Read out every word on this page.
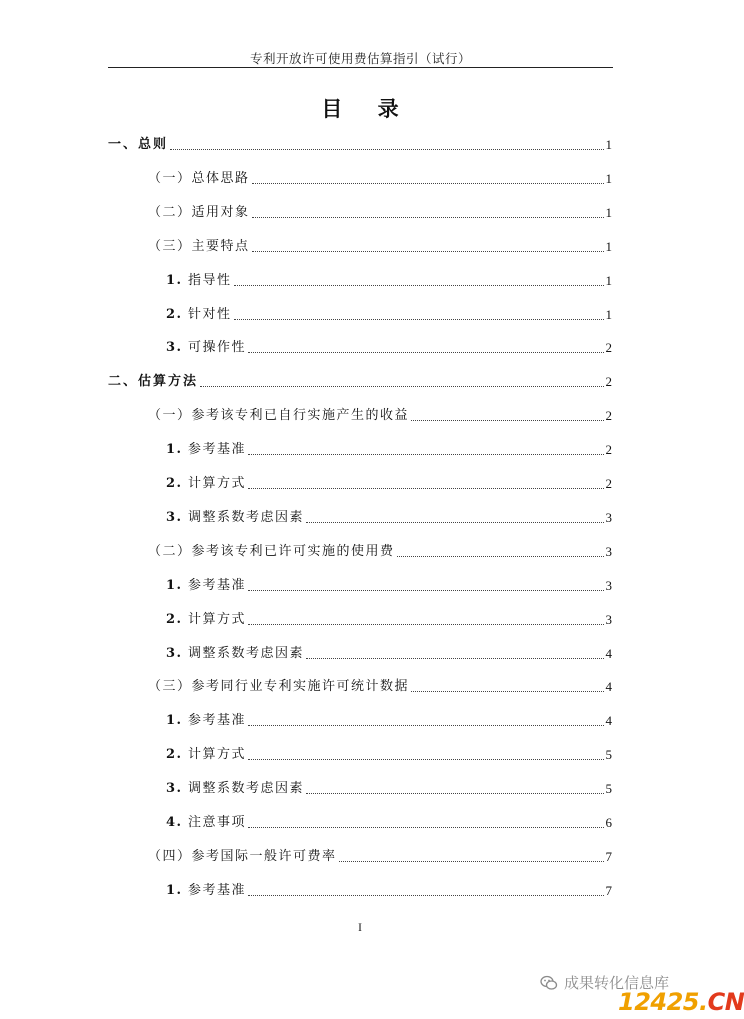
专利开放许可使用费估算指引（试行）
目 录
一、总则	1
（一）总体思路	1
（二）适用对象	1
（三）主要特点	1
1. 指导性	1
2. 针对性	1
3. 可操作性	2
二、估算方法	2
（一）参考该专利已自行实施产生的收益	2
1. 参考基准	2
2. 计算方式	2
3. 调整系数考虑因素	3
（二）参考该专利已许可实施的使用费	3
1. 参考基准	3
2. 计算方式	3
3. 调整系数考虑因素	4
（三）参考同行业专利实施许可统计数据	4
1. 参考基准	4
2. 计算方式	5
3. 调整系数考虑因素	5
4. 注意事项	6
（四）参考国际一般许可费率	7
1. 参考基准	7
I
成果转化信息库
12425.CN
